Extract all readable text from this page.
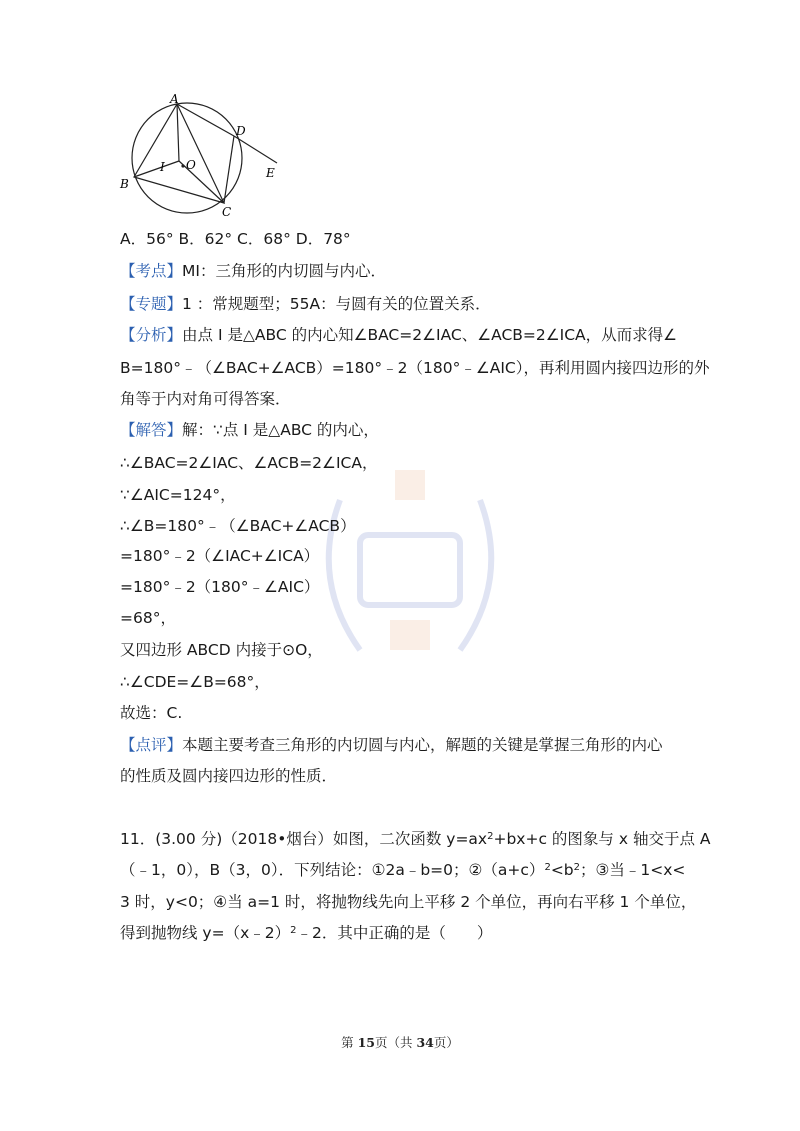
A
B
C
D
E
I O
A．56° B．62° C．68° D．78°
【考点】MI：三角形的内切圆与内心．
【专题】1 ：常规题型；55A：与圆有关的位置关系．
【分析】由点 I 是△ABC 的内心知∠BAC=2∠IAC、∠ACB=2∠ICA，从而求得∠
B=180°﹣（∠BAC+∠ACB）=180°﹣2（180°﹣∠AIC），再利用圆内接四边形的外
角等于内对角可得答案．
【解答】解：∵点 I 是△ABC 的内心，
∴∠BAC=2∠IAC、∠ACB=2∠ICA，
∵∠AIC=124°，
∴∠B=180°﹣（∠BAC+∠ACB）
=180°﹣2（∠IAC+∠ICA）
=180°﹣2（180°﹣∠AIC）
=68°，
又四边形 ABCD 内接于⊙O，
∴∠CDE=∠B=68°，
故选：C.
【点评】本题主要考查三角形的内切圆与内心，解题的关键是掌握三角形的内心
的性质及圆内接四边形的性质．
11．(3.00 分)（2018•烟台）如图，二次函数 $y=ax^2+bx+c$ 的图象与 x 轴交于点 A
（﹣1，0），B（3，0）．下列结论：①2a﹣b=0；$②(a+c)^2<b^2$；③当﹣1<x<
3 时，y<0；④当 a=1 时，将抛物线先向上平移 2 个单位，再向右平移 1 个单位，
得到抛物线 y=（x﹣2）$^2$﹣2．其中正确的是（　　）
第 15页（共 34页）
